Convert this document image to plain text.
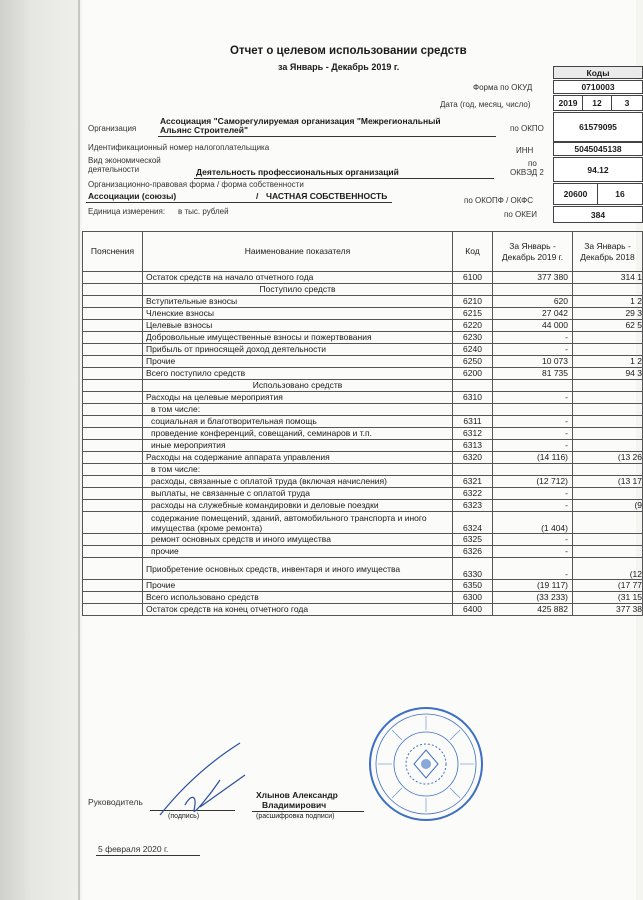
Отчет о целевом использовании средств
за Январь - Декабрь 2019 г.
Коды
Форма по ОКУД	0710003
Дата (год, месяц, число)	2019	12	3
Организация
Ассоциация "Саморегулируемая организация "Межрегиональный
Альянс Строителей"	по ОКПО	61579095
Идентификационный номер налогоплательщика	ИНН	5045045138
Вид экономической
деятельности	Деятельность профессиональных организаций
по
ОКВЭД 2	94.12
Организационно-правовая форма / форма собственности
Ассоциации (союзы)	/ ЧАСТНАЯ СОБСТВЕННОСТЬ	по ОКОПФ / ОКФС
20600	16
Единица измерения: в тыс. рублей	по ОКЕИ	384
Пояснения	Наименование показателя	Код	За Январь - Декабрь 2019 г.	За Январь - Декабрь 2018
	Остаток средств на начало отчетного года	6100	377 380	314 1
	Поступило средств			
	Вступительные взносы	6210	620	1 2
	Членские взносы	6215	27 042	29 3
	Целевые взносы	6220	44 000	62 5
	Добровольные имущественные взносы и пожертвования	6230	-	
	Прибыль от приносящей доход деятельности	6240	-	
	Прочие	6250	10 073	1 2
	Всего поступило средств	6200	81 735	94 3
	Использовано средств			
	Расходы на целевые мероприятия	6310	-	
	в том числе:			
	социальная и благотворительная помощь	6311	-	
	проведение конференций, совещаний, семинаров и т.п.	6312	-	
	иные мероприятия	6313	-	
	Расходы на содержание аппарата управления	6320	(14 116)	(13 26
	в том числе:			
	расходы, связанные с оплатой труда (включая начисления)	6321	(12 712)	(13 17
	выплаты, не связанные с оплатой труда	6322	-	
	расходы на служебные командировки и деловые поездки	6323	-	(9
	содержание помещений, зданий, автомобильного транспорта и иного имущества (кроме ремонта)	6324	(1 404)	
	ремонт основных средств и иного имущества	6325	-	
	прочие	6326	-	
	Приобретение основных средств, инвентаря и иного имущества	6330	-	(12
	Прочие	6350	(19 117)	(17 77
	Всего использовано средств	6300	(33 233)	(31 15
	Остаток средств на конец отчетного года	6400	425 882	377 38
Руководитель
(подпись)
Хлынов Александр
Владимирович
(расшифровка подписи)
5 февраля 2020 г.
